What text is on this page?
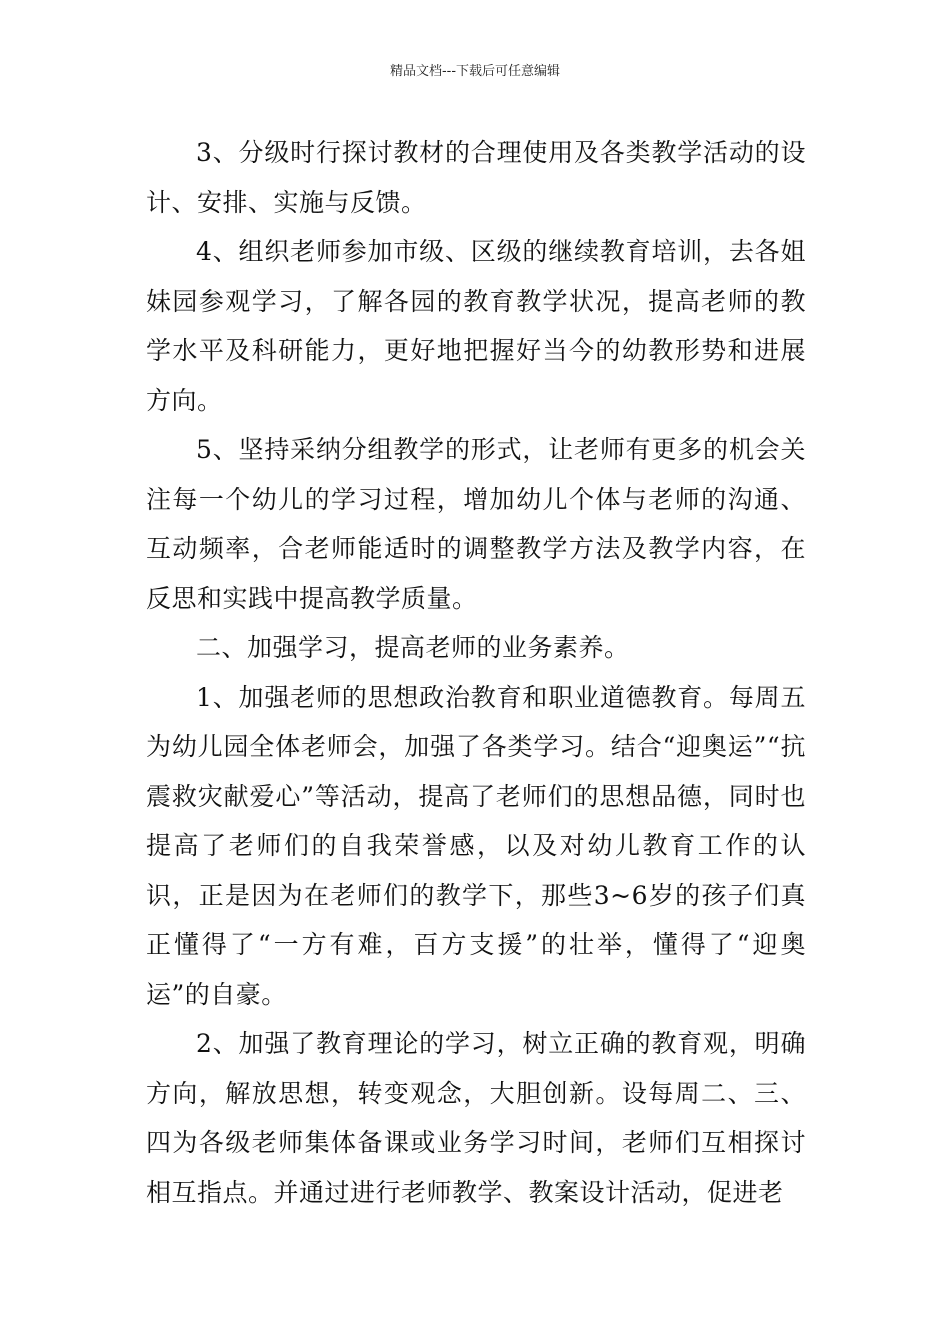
精品文档---下载后可任意编辑

3、分级时行探讨教材的合理使用及各类教学活动的设计、安排、实施与反馈。

4、组织老师参加市级、区级的继续教育培训，去各姐妹园参观学习，了解各园的教育教学状况，提高老师的教学水平及科研能力，更好地把握好当今的幼教形势和进展方向。

5、坚持采纳分组教学的形式，让老师有更多的机会关注每一个幼儿的学习过程，增加幼儿个体与老师的沟通、互动频率，合老师能适时的调整教学方法及教学内容，在反思和实践中提高教学质量。

二、加强学习，提高老师的业务素养。

1、加强老师的思想政治教育和职业道德教育。每周五为幼儿园全体老师会，加强了各类学习。结合“迎奥运”“抗震救灾献爱心”等活动，提高了老师们的思想品德，同时也提高了老师们的自我荣誉感，以及对幼儿教育工作的认识，正是因为在老师们的教学下，那些3~6岁的孩子们真正懂得了“一方有难，百方支援”的壮举，懂得了“迎奥运”的自豪。

2、加强了教育理论的学习，树立正确的教育观，明确方向，解放思想，转变观念，大胆创新。设每周二、三、四为各级老师集体备课或业务学习时间，老师们互相探讨相互指点。并通过进行老师教学、教案设计活动，促进老
